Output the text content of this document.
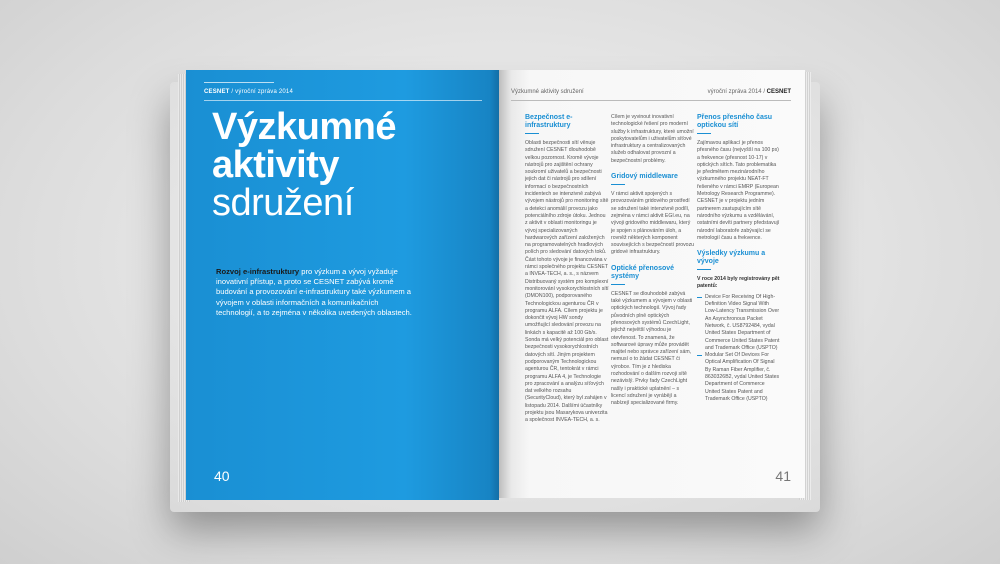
CESNET / výroční zpráva 2014
Výzkumné
aktivity
sdružení

Rozvoj e-infrastruktury pro výzkum a vývoj vyžaduje inovativní přístup, a proto se CESNET zabývá kromě budování a provozování e-infrastruktury také výzkumem a vývojem v oblasti informačních a komunikačních technologií, a to zejména v několika uvedených oblastech.

40
Výzkumné aktivity sdružení	výroční zpráva 2014 / CESNET
Bezpečnost e-infrastruktury

Oblasti bezpečnosti sítí věnuje sdružení CESNET dlouhodobě velkou pozornost. Kromě vývoje nástrojů pro zajištění ochrany soukromí uživatelů a bezpečnosti jejich dat či nástrojů pro sdílení informací o bezpečnostních incidentech se intenzivně zabývá vývojem nástrojů pro monitoring sítě a detekci anomálií provozu jako potenciálního zdroje útoku. Jednou z aktivit v oblasti monitoringu je vývoj specializovaných hardwarových zařízení založených na programovatelných hradlových polích pro sledování datových toků. Část tohoto vývoje je financována v rámci společného projektu CESNET a INVEA-TECH, a. s., s názvem Distribuovaný systém pro komplexní monitorování vysokorychlostních sítí (DMON100), podporovaného Technologickou agenturou ČR v programu ALFA. Cílem projektu je dokončit vývoj HW sondy umožňující sledování provozu na linkách s kapacitě až 100 Gb/s. Sonda má velký potenciál pro oblast bezpečnosti vysokorychlostních datových sítí. Jiným projektem podporovaným Technologickou agenturou ČR, tentokrát v rámci programu ALFA 4, je Technologie pro zpracování a analýzu síťových dat velkého rozsahu (SecurityCloud), který byl zahájen v listopadu 2014. Dalšími účastníky projektu jsou Masarykova univerzita a společnost INVEA-TECH, a. s.

Cílem je vyvinout inovativní technologické řešení pro moderní služby k infrastruktury, které umožní poskytovatelům i uživatelům síťové infrastruktury a centralizovaných služeb odhalovat provozní a bezpečnostní problémy.

Gridový middleware

V rámci aktivit spojených s provozováním gridového prostředí se sdružení také intenzivně podílí, zejména v rámci aktivit EGI.eu, na vývoji gridového middlewaru, který je spojen s plánováním úloh, a rovněž některých komponent souvisejících s bezpečností provozu gridové infrastruktury.

Optické přenosové systémy

CESNET se dlouhodobě zabývá také výzkumem a vývojem v oblasti optických technologií. Vývoj řady původních plně optických přenosových systémů CzechLight, jejichž největší výhodou je otevřenost. To znamená, že softwarové úpravy může provádět majitel nebo správce zařízení sám, nemusí o to žádat CESNET či výrobce. Tím je z hlediska rozhodování o dalším rozvoji sítě nezávislý. Prvky řady CzechLight našly i praktické uplatnění – s licencí sdružení je vyrábějí a nabízejí specializované firmy.

Přenos přesného času optickou sítí

Zajímavou aplikací je přenos přesného času (nejvyšší na 100 ps) a frekvence (přesnost 10-17) v optických sítích. Tato problematika je předmětem mezinárodního výzkumného projektu NEAT-FT řešeného v rámci EMRP (European Metrology Research Programme). CESNET je v projektu jedním partnerem zastupujícím sítě národního výzkumu a vzdělávání, ostatními devíti partnery představují národní laboratoře zabývající se metrologií času a frekvence.

Výsledky výzkumu a vývoje

V roce 2014 byly registrovány pět patentů:

Device For Receiving Of High-Definition Video Signal With Low-Latency Transmission Over An Asynchronous Packet Network, č. US8792484, vydal United States Department of Commerce United States Patent and Trademark Office (USPTO)

Modular Set Of Devices For Optical Amplification Of Signal By Raman Fiber Amplifier, č. 8630326B2, vydal United States Department of Commerce United States Patent and Trademark Office (USPTO)

41
